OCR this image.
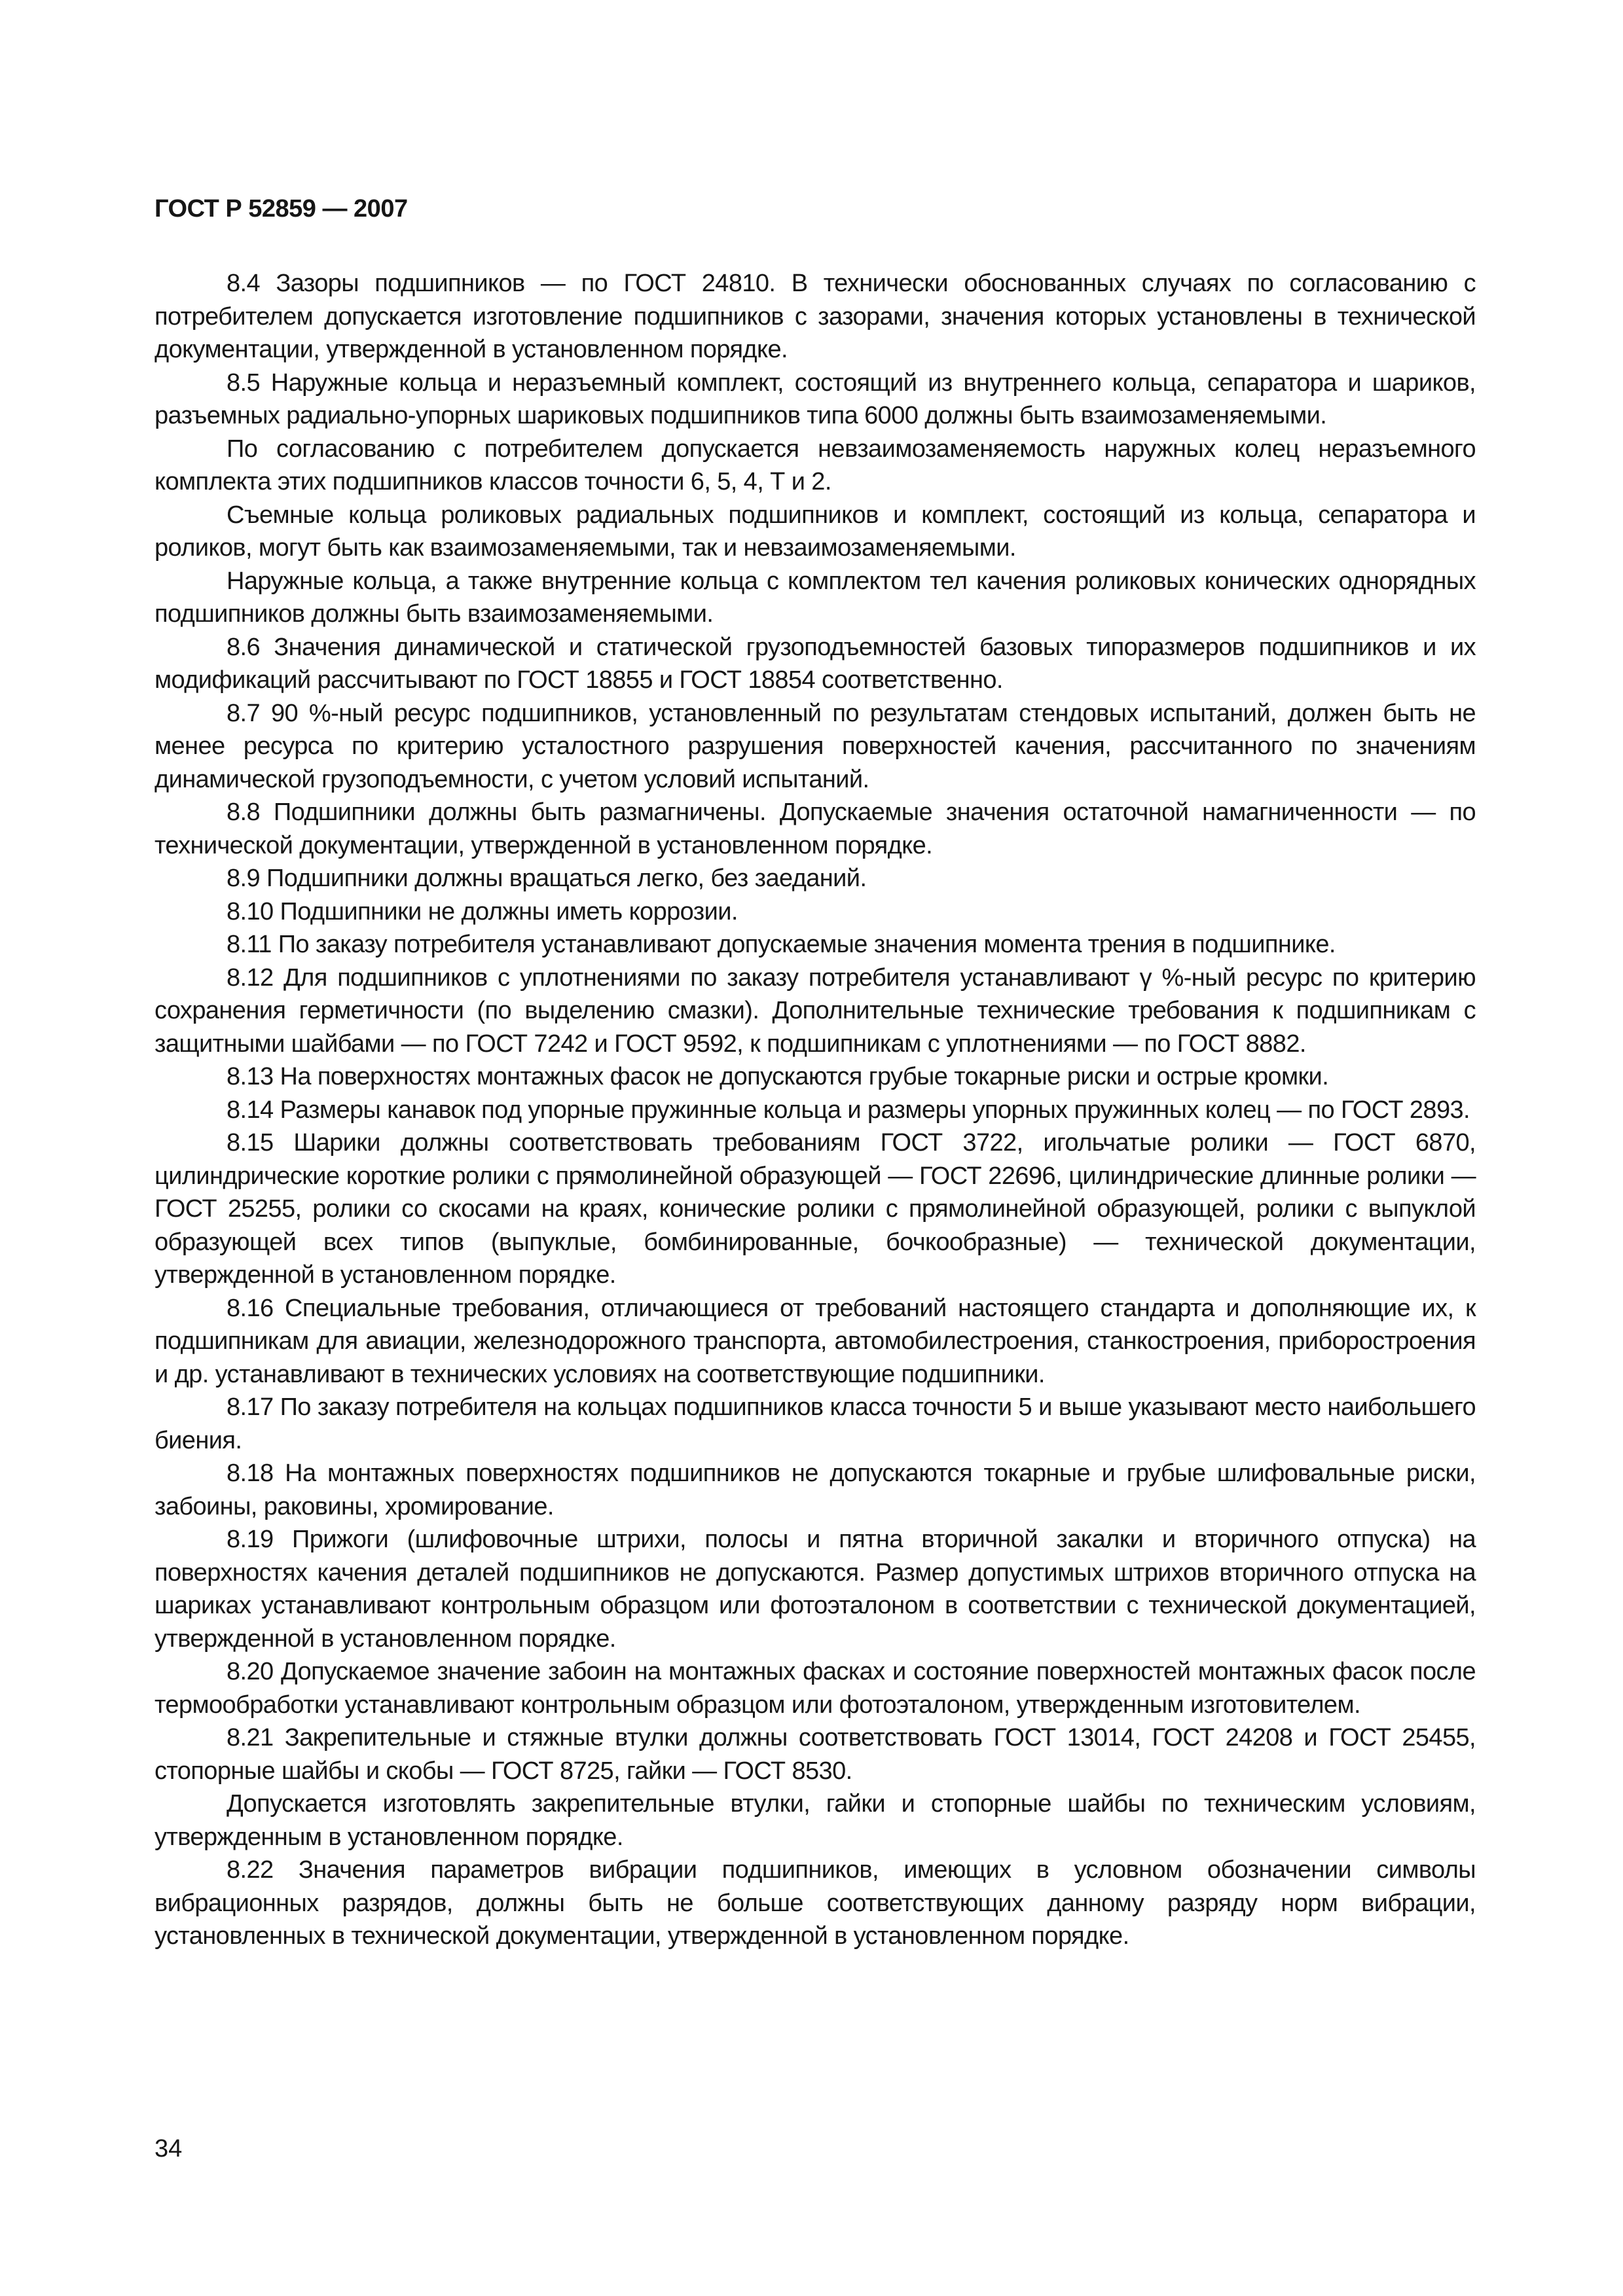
ГОСТ Р 52859 — 2007

8.4 Зазоры подшипников — по ГОСТ 24810. В технически обоснованных случаях по согласованию с потребителем допускается изготовление подшипников с зазорами, значения которых установлены в технической документации, утвержденной в установленном порядке.

8.5 Наружные кольца и неразъемный комплект, состоящий из внутреннего кольца, сепаратора и шариков, разъемных радиально-упорных шариковых подшипников типа 6000 должны быть взаимозаменяемыми.

По согласованию с потребителем допускается невзаимозаменяемость наружных колец неразъемного комплекта этих подшипников классов точности 6, 5, 4, Т и 2.

Съемные кольца роликовых радиальных подшипников и комплект, состоящий из кольца, сепаратора и роликов, могут быть как взаимозаменяемыми, так и невзаимозаменяемыми.

Наружные кольца, а также внутренние кольца с комплектом тел качения роликовых конических однорядных подшипников должны быть взаимозаменяемыми.

8.6 Значения динамической и статической грузоподъемностей базовых типоразмеров подшипников и их модификаций рассчитывают по ГОСТ 18855 и ГОСТ 18854 соответственно.

8.7 90 %-ный ресурс подшипников, установленный по результатам стендовых испытаний, должен быть не менее ресурса по критерию усталостного разрушения поверхностей качения, рассчитанного по значениям динамической грузоподъемности, с учетом условий испытаний.

8.8 Подшипники должны быть размагничены. Допускаемые значения остаточной намагниченности — по технической документации, утвержденной в установленном порядке.

8.9 Подшипники должны вращаться легко, без заеданий.

8.10 Подшипники не должны иметь коррозии.

8.11 По заказу потребителя устанавливают допускаемые значения момента трения в подшипнике.

8.12 Для подшипников с уплотнениями по заказу потребителя устанавливают γ %-ный ресурс по критерию сохранения герметичности (по выделению смазки). Дополнительные технические требования к подшипникам с защитными шайбами — по ГОСТ 7242 и ГОСТ 9592, к подшипникам с уплотнениями — по ГОСТ 8882.

8.13 На поверхностях монтажных фасок не допускаются грубые токарные риски и острые кромки.

8.14 Размеры канавок под упорные пружинные кольца и размеры упорных пружинных колец — по ГОСТ 2893.

8.15 Шарики должны соответствовать требованиям ГОСТ 3722, игольчатые ролики — ГОСТ 6870, цилиндрические короткие ролики с прямолинейной образующей — ГОСТ 22696, цилиндрические длинные ролики — ГОСТ 25255, ролики со скосами на краях, конические ролики с прямолинейной образующей, ролики с выпуклой образующей всех типов (выпуклые, бомбинированные, бочкообразные) — технической документации, утвержденной в установленном порядке.

8.16 Специальные требования, отличающиеся от требований настоящего стандарта и дополняющие их, к подшипникам для авиации, железнодорожного транспорта, автомобилестроения, станкостроения, приборостроения и др. устанавливают в технических условиях на соответствующие подшипники.

8.17 По заказу потребителя на кольцах подшипников класса точности 5 и выше указывают место наибольшего биения.

8.18 На монтажных поверхностях подшипников не допускаются токарные и грубые шлифовальные риски, забоины, раковины, хромирование.

8.19 Прижоги (шлифовочные штрихи, полосы и пятна вторичной закалки и вторичного отпуска) на поверхностях качения деталей подшипников не допускаются. Размер допустимых штрихов вторичного отпуска на шариках устанавливают контрольным образцом или фотоэталоном в соответствии с технической документацией, утвержденной в установленном порядке.

8.20 Допускаемое значение забоин на монтажных фасках и состояние поверхностей монтажных фасок после термообработки устанавливают контрольным образцом или фотоэталоном, утвержденным изготовителем.

8.21 Закрепительные и стяжные втулки должны соответствовать ГОСТ 13014, ГОСТ 24208 и ГОСТ 25455, стопорные шайбы и скобы — ГОСТ 8725, гайки — ГОСТ 8530.

Допускается изготовлять закрепительные втулки, гайки и стопорные шайбы по техническим условиям, утвержденным в установленном порядке.

8.22 Значения параметров вибрации подшипников, имеющих в условном обозначении символы вибрационных разрядов, должны быть не больше соответствующих данному разряду норм вибрации, установленных в технической документации, утвержденной в установленном порядке.

34
